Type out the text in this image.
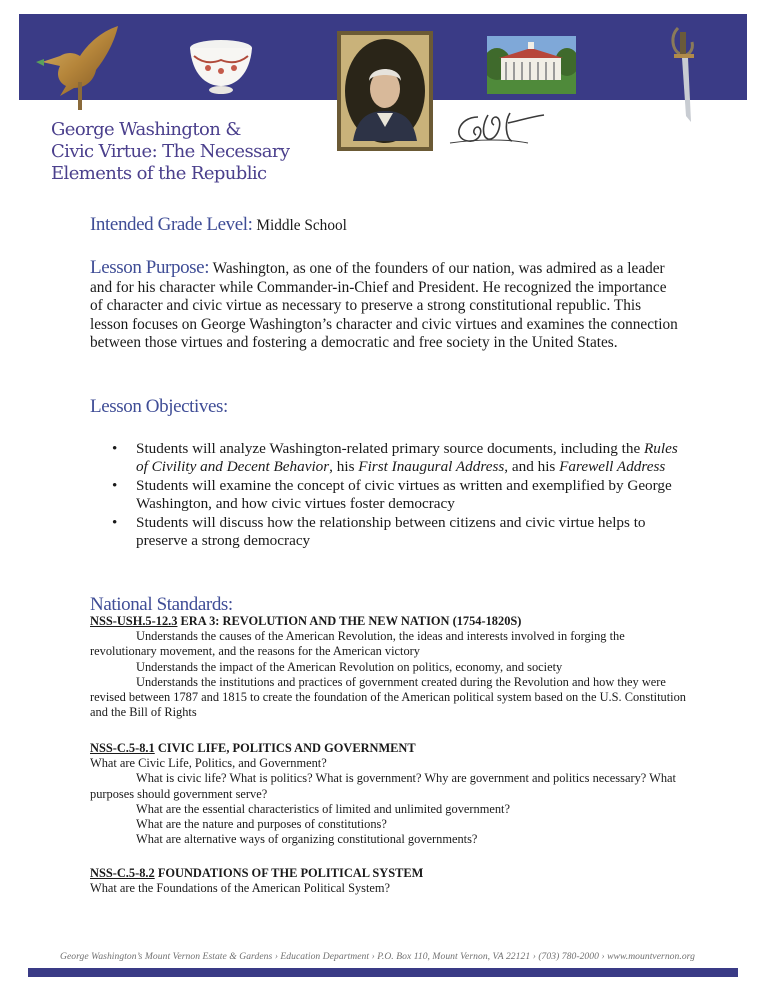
George Washington &
Civic Virtue: The Necessary
Elements of the Republic
Intended Grade Level: Middle School
Lesson Purpose: Washington, as one of the founders of our nation, was admired as a leader and for his character while Commander-in-Chief and President. He recognized the importance of character and civic virtue as necessary to preserve a strong constitutional republic. This lesson focuses on George Washington’s character and civic virtues and examines the connection between those virtues and fostering a democratic and free society in the United States.
Lesson Objectives:
• Students will analyze Washington-related primary source documents, including the Rules of Civility and Decent Behavior, his First Inaugural Address, and his Farewell Address
• Students will examine the concept of civic virtues as written and exemplified by George Washington, and how civic virtues foster democracy
• Students will discuss how the relationship between citizens and civic virtue helps to preserve a strong democracy
National Standards:
NSS-USH.5-12.3 ERA 3: REVOLUTION AND THE NEW NATION (1754-1820S)
Understands the causes of the American Revolution, the ideas and interests involved in forging the revolutionary movement, and the reasons for the American victory
Understands the impact of the American Revolution on politics, economy, and society
Understands the institutions and practices of government created during the Revolution and how they were revised between 1787 and 1815 to create the foundation of the American political system based on the U.S. Constitution and the Bill of Rights
NSS-C.5-8.1 CIVIC LIFE, POLITICS AND GOVERNMENT
What are Civic Life, Politics, and Government?
What is civic life? What is politics? What is government? Why are government and politics necessary? What purposes should government serve?
What are the essential characteristics of limited and unlimited government?
What are the nature and purposes of constitutions?
What are alternative ways of organizing constitutional governments?
NSS-C.5-8.2 FOUNDATIONS OF THE POLITICAL SYSTEM
What are the Foundations of the American Political System?
George Washington’s Mount Vernon Estate & Gardens › Education Department › P.O. Box 110, Mount Vernon, VA 22121 › (703) 780-2000 › www.mountvernon.org
